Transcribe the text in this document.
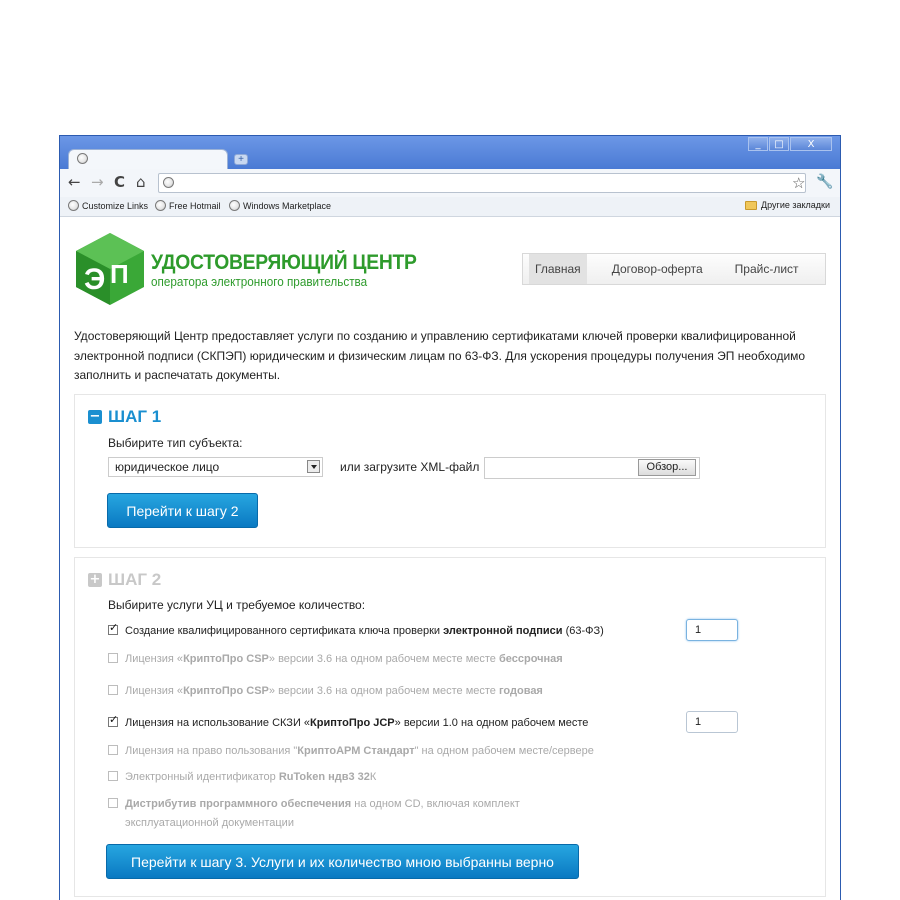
_	□	X
+
← → C ⌂	☆ 🔧
Customize Links Free Hotmail Windows Marketplace	Другие закладки
Э П УДОСТОВЕРЯЮЩИЙ ЦЕНТР
оператора электронного правительства
Главная	Договор-оферта	Прайс-лист
Удостоверяющий Центр предоставляет услуги по созданию и управлению сертификатами ключей проверки квалифицированной электронной подписи (СКПЭП) юридическим и физическим лицам по 63-ФЗ. Для ускорения процедуры получения ЭП необходимо заполнить и распечатать документы.
− ШАГ 1
Выбирите тип субъекта:
юридическое лицо	или загрузите XML-файл	Обзор...
Перейти к шагу 2
+ ШАГ 2
Выбирите услуги УЦ и требуемое количество:
✓
Создание квалифицированного сертификата ключа проверки электронной подписи (63-ФЗ)	1
Лицензия «КриптоПро CSP» версии 3.6 на одном рабочем месте месте бессрочная
Лицензия «КриптоПро CSP» версии 3.6 на одном рабочем месте месте годовая
✓
Лицензия на использование СКЗИ «КриптоПро JCP» версии 1.0 на одном рабочем месте	1
Лицензия на право пользования "КриптоАРМ Стандарт" на одном рабочем месте/сервере
Электронный идентификатор RuToken ндв3 32К
Дистрибутив программного обеспечения на одном CD, включая комплект
эксплуатационной документации
Перейти к шагу 3. Услуги и их количество мною выбранны верно
